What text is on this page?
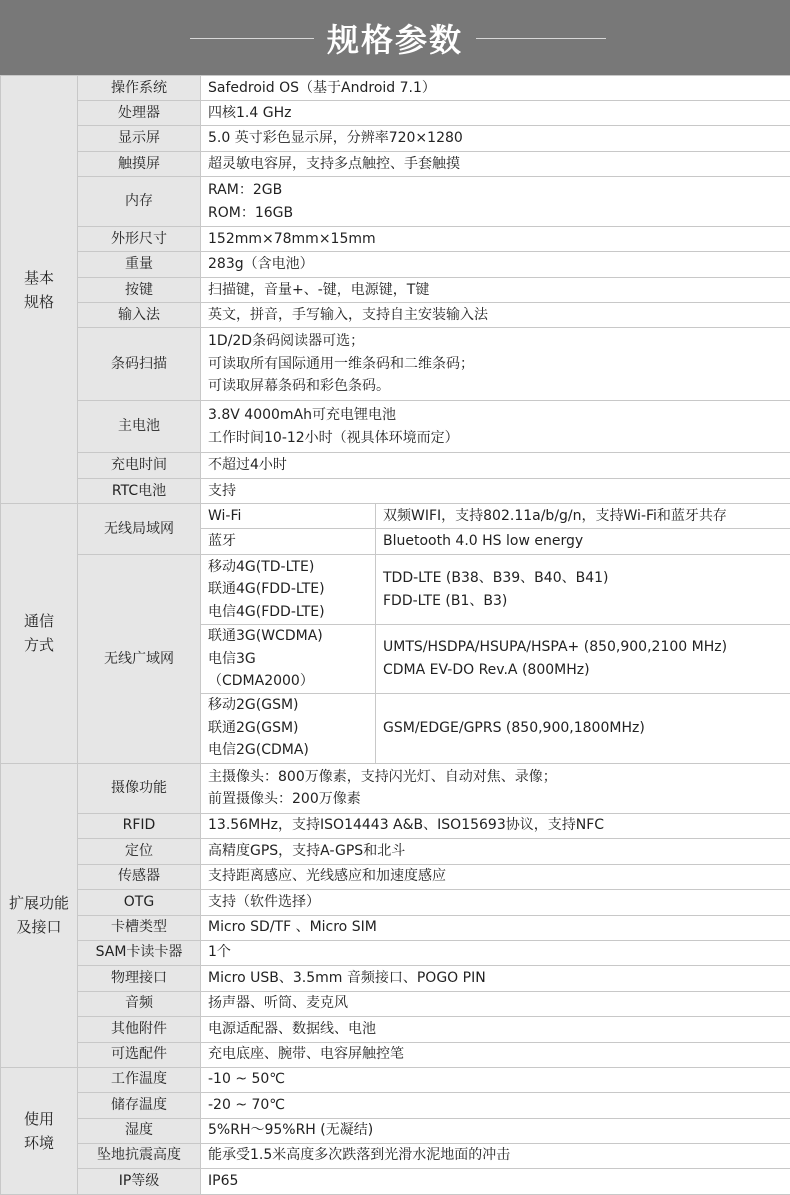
规格参数
基本
规格	操作系统	Safedroid OS（基于Android 7.1）	

	处理器	四核1.4 GHz	

	显示屏	5.0 英寸彩色显示屏，分辨率720×1280	

	触摸屏	超灵敏电容屏，支持多点触控、手套触摸	

	内存	RAM：2GB
ROM：16GB	

	外形尺寸	152mm×78mm×15mm	

	重量	283g（含电池）	

	按键	扫描键，音量+、-键，电源键，T键	

	输入法	英文，拼音，手写输入，支持自主安装输入法	

	条码扫描	1D/2D条码阅读器可选；
可读取所有国际通用一维条码和二维条码；
可读取屏幕条码和彩色条码。	

	主电池	3.8V 4000mAh可充电锂电池
工作时间10-12小时（视具体环境而定）	

	充电时间	不超过4小时	

	RTC电池	支持	

通信
方式	无线局域网	Wi-Fi	双频WIFI，支持802.11a/b/g/n，支持Wi-Fi和蓝牙共存

		蓝牙	Bluetooth 4.0 HS low energy

	无线广域网	移动4G(TD-LTE)
联通4G(FDD-LTE)
电信4G(FDD-LTE)	TDD-LTE (B38、B39、B40、B41)
FDD-LTE (B1、B3)

		联通3G(WCDMA)
电信3G
（CDMA2000）	UMTS/HSDPA/HSUPA/HSPA+ (850,900,2100 MHz)
CDMA EV-DO Rev.A (800MHz)

		移动2G(GSM)
联通2G(GSM)
电信2G(CDMA)	GSM/EDGE/GPRS (850,900,1800MHz)

扩展功能
及接口	摄像功能	主摄像头：800万像素，支持闪光灯、自动对焦、录像；
前置摄像头：200万像素	

	RFID	13.56MHz，支持ISO14443 A&B、ISO15693协议，支持NFC	

	定位	高精度GPS，支持A-GPS和北斗	

	传感器	支持距离感应、光线感应和加速度感应	

	OTG	支持（软件选择）	

	卡槽类型	Micro SD/TF 、Micro SIM	

	SAM卡读卡器	1个	

	物理接口	Micro USB、3.5mm 音频接口、POGO PIN	

	音频	扬声器、听筒、麦克风	

	其他附件	电源适配器、数据线、电池	

	可选配件	充电底座、腕带、电容屏触控笔	

使用
环境	工作温度	-10 ~ 50℃	

	储存温度	-20 ~ 70℃	

	湿度	5%RH～95%RH (无凝结)	

	坠地抗震高度	能承受1.5米高度多次跌落到光滑水泥地面的冲击	

	IP等级	IP65	
